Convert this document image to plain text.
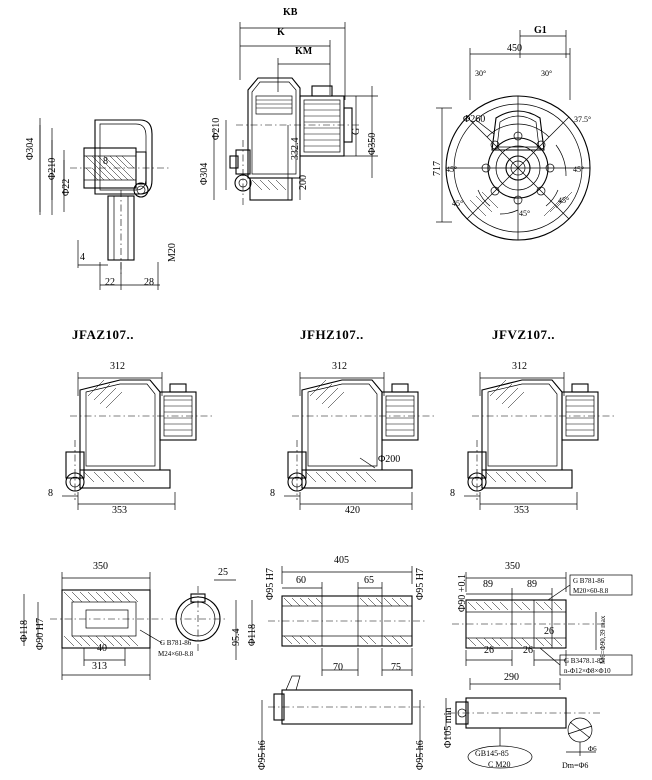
Φ304
Φ210
Φ22
8
4
22	28
M20
KB
K
KM
Φ210
Φ304
332.4
200
G
Φ350
G1
450
30°	30°
37.5°
45°	45°
45°
45°
45°
Φ260
717
JFAZ107..	JFHZ107..	JFVZ107..
312
8
353
312
Φ200
8
420
312
8
353
350
Φ118 Φ90 H7	40
313
25
95.4
G B781-86
M24×60-8.8
405
60	65
Φ95 H7	Φ95 H7
Φ118
70	75
Φ95 h6	Φ95 h6
350
89	89
26	26
26
290
Φ90 +0.1
Φ105 min
M6=Φ90,39 max
G B781-86
M20×60-8.8
G B3478.1-83
n-Φ12×Φ8×Φ10
GB145-85
C M20	Dm=Φ6
Φ6
